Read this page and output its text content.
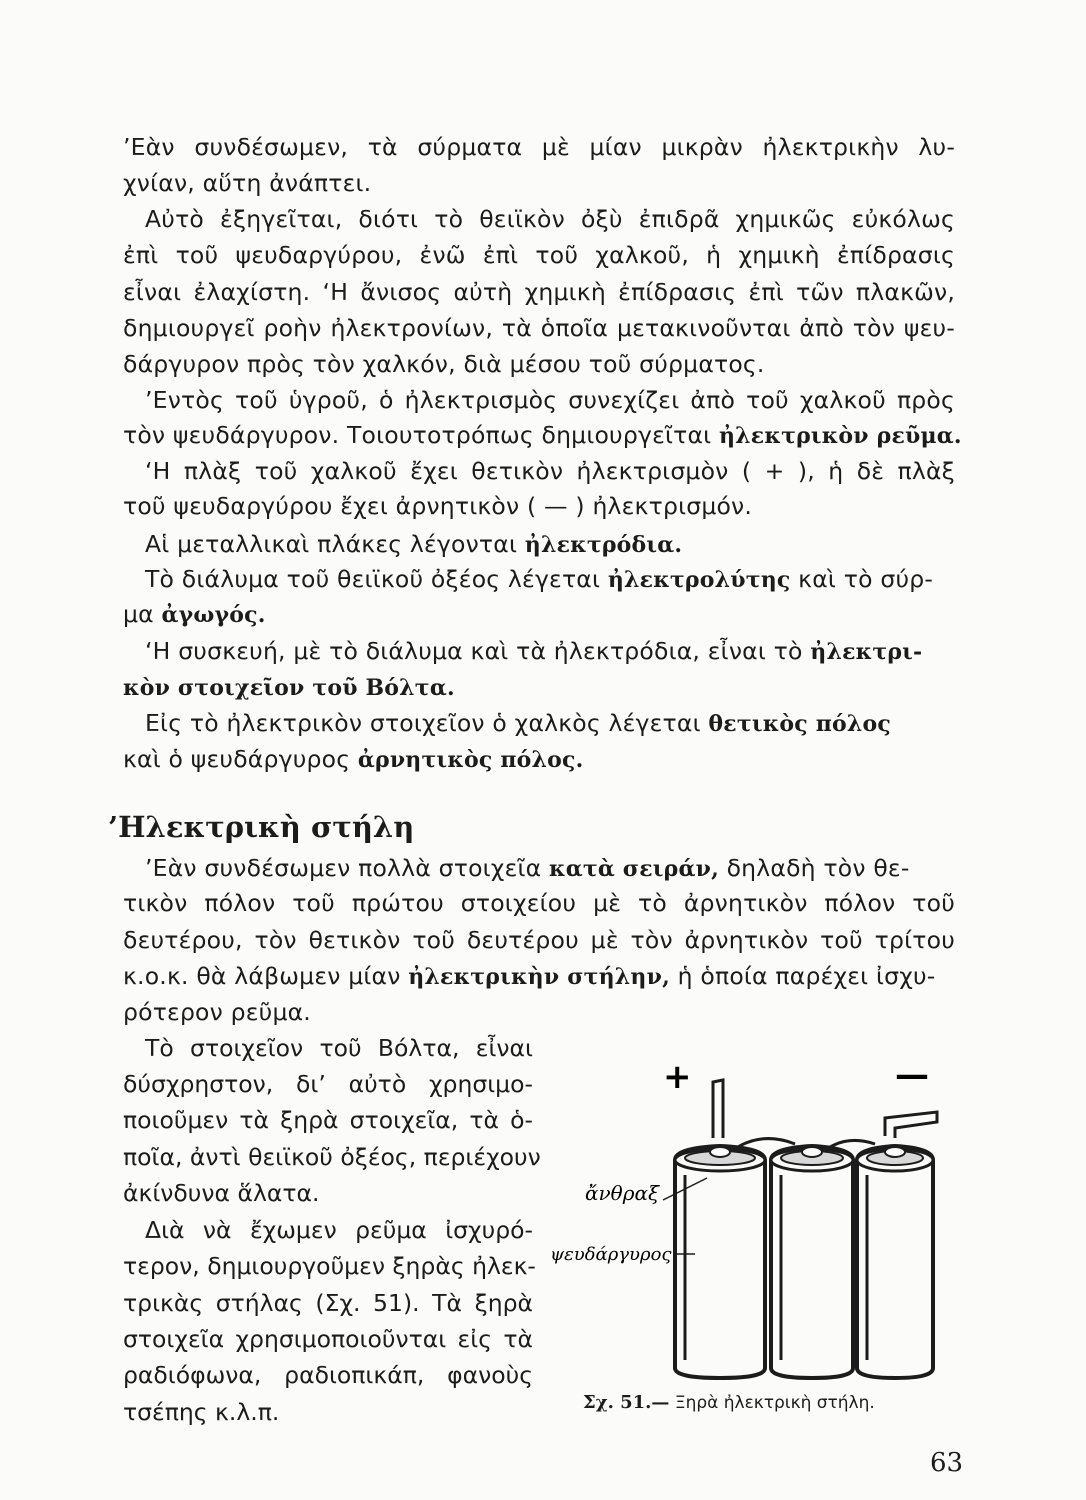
’Εὰν συνδέσωμεν, τὰ σύρματα μὲ μίαν μικρὰν ἠλεκτρικὴν λυ-
χνίαν, αὕτη ἀνάπτει.
Αὐτὸ ἐξηγεῖται, διότι τὸ θειϊκὸν ὀξὺ ἐπιδρᾶ χημικῶς εὐκόλως
ἐπὶ τοῦ ψευδαργύρου, ἐνῶ ἐπὶ τοῦ χαλκοῦ, ἡ χημικὴ ἐπίδρασις
εἶναι ἐλαχίστη. ‘Η ἄνισος αὐτὴ χημικὴ ἐπίδρασις ἐπὶ τῶν πλακῶν,
δημιουργεῖ ροὴν ἠλεκτρονίων, τὰ ὁποῖα μετακινοῦνται ἀπὸ τὸν ψευ-
δάργυρον πρὸς τὸν χαλκόν, διὰ μέσου τοῦ σύρματος.
’Εντὸς τοῦ ὑγροῦ, ὁ ἠλεκτρισμὸς συνεχίζει ἀπὸ τοῦ χαλκοῦ πρὸς
τὸν ψευδάργυρον. Τοιουτοτρόπως δημιουργεῖται ἠλεκτρικὸν ρεῦμα.
‘Η πλὰξ τοῦ χαλκοῦ ἔχει θετικὸν ἠλεκτρισμὸν ( + ), ἡ δὲ πλὰξ
τοῦ ψευδαργύρου ἔχει ἀρνητικὸν ( — ) ἠλεκτρισμόν.
Αἱ μεταλλικαὶ πλάκες λέγονται ἠλεκτρόδια.
Τὸ διάλυμα τοῦ θειϊκοῦ ὀξέος λέγεται ἠλεκτρολύτης καὶ τὸ σύρ-
μα ἀγωγός.
‘Η συσκευή, μὲ τὸ διάλυμα καὶ τὰ ἠλεκτρόδια, εἶναι τὸ ἠλεκτρι-
κὸν στοιχεῖον τοῦ Βόλτα.
Εἰς τὸ ἠλεκτρικὸν στοιχεῖον ὁ χαλκὸς λέγεται θετικὸς πόλος
καὶ ὁ ψευδάργυρος ἀρνητικὸς πόλος.
’Ηλεκτρικὴ στήλη
’Εὰν συνδέσωμεν πολλὰ στοιχεῖα κατὰ σειράν, δηλαδὴ τὸν θε-
τικὸν πόλον τοῦ πρώτου στοιχείου μὲ τὸ ἀρνητικὸν πόλον τοῦ
δευτέρου, τὸν θετικὸν τοῦ δευτέρου μὲ τὸν ἀρνητικὸν τοῦ τρίτου
κ.ο.κ. θὰ λάβωμεν μίαν ἠλεκτρικὴν στήλην, ἡ ὁποία παρέχει ἰσχυ-
ρότερον ρεῦμα.
Τὸ στοιχεῖον τοῦ Βόλτα, εἶναι
δύσχρηστον, δι’ αὐτὸ χρησιμο-
ποιοῦμεν τὰ ξηρὰ στοιχεῖα, τὰ ὁ-
ποῖα, ἀντὶ θειϊκοῦ ὀξέος, περιέχουν
ἀκίνδυνα ἅλατα.
Διὰ νὰ ἔχωμεν ρεῦμα ἰσχυρό-
τερον, δημιουργοῦμεν ξηρὰς ἠλεκ-
τρικὰς στήλας (Σχ. 51). Τὰ ξηρὰ
στοιχεῖα χρησιμοποιοῦνται εἰς τὰ
ραδιόφωνα, ραδιοπικάπ, φανοὺς
τσέπης κ.λ.π.
+	—
ἄνθραξ
ψευδάργυρος
Σχ. 51.— Ξηρὰ ἠλεκτρικὴ στήλη.
63
